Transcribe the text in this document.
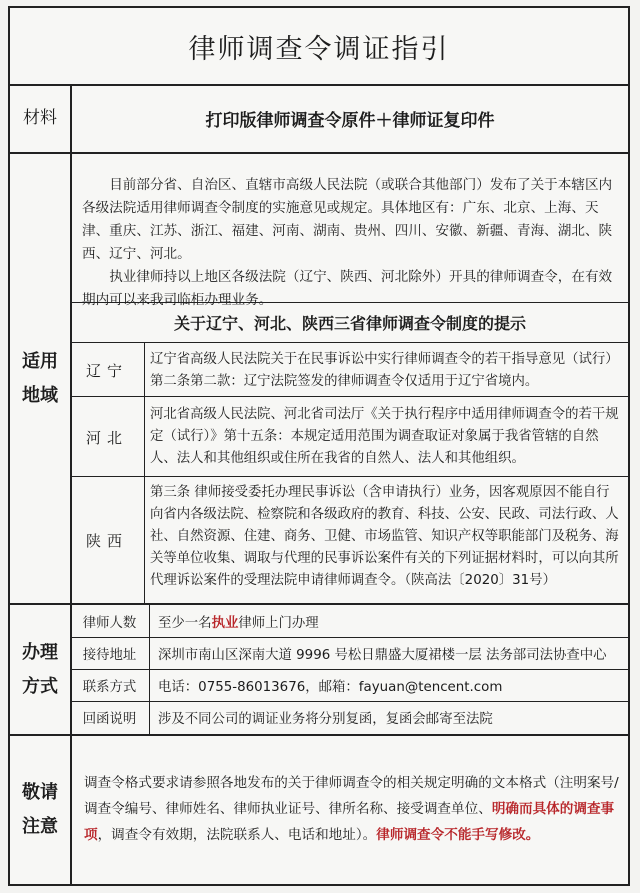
律师调查令调证指引
材料	打印版律师调查令原件＋律师证复印件
适用
地域

目前部分省、自治区、直辖市高级人民法院（或联合其他部门）发布了关于本辖区内各级法院适用律师调查令制度的实施意见或规定。具体地区有：广东、北京、上海、天津、重庆、江苏、浙江、福建、河南、湖南、贵州、四川、安徽、新疆、青海、湖北、陕西、辽宁、河北。

执业律师持以上地区各级法院（辽宁、陕西、河北除外）开具的律师调查令，在有效期内可以来我司临柜办理业务。

关于辽宁、河北、陕西三省律师调查令制度的提示
辽宁
辽宁省高级人民法院关于在民事诉讼中实行律师调查令的若干指导意见（试行）第二条第二款：辽宁法院签发的律师调查令仅适用于辽宁省境内。
河北
河北省高级人民法院、河北省司法厅《关于执行程序中适用律师调查令的若干规定（试行）》第十五条：本规定适用范围为调查取证对象属于我省管辖的自然人、法人和其他组织或住所在我省的自然人、法人和其他组织。
陕西
第三条 律师接受委托办理民事诉讼（含申请执行）业务，因客观原因不能自行向省内各级法院、检察院和各级政府的教育、科技、公安、民政、司法行政、人社、自然资源、住建、商务、卫健、市场监管、知识产权等职能部门及税务、海关等单位收集、调取与代理的民事诉讼案件有关的下列证据材料时，可以向其所代理诉讼案件的受理法院申请律师调查令。（陕高法〔2020〕31号）
办理
方式
律师人数	至少一名 执业 律师上门办理
接待地址	深圳市南山区深南大道 9996 号松日鼎盛大厦裙楼一层 法务部司法协查中心
联系方式	电话：0755-86013676，邮箱：fayuan@tencent.com
回函说明	涉及不同公司的调证业务将分别复函，复函会邮寄至法院
敬请
注意
调查令格式要求请参照各地发布的关于律师调查令的相关规定明确的文本格式（注明案号/调查令编号、律师姓名、律师执业证号、律所名称、接受调查单位、明确而具体的调查事项，调查令有效期，法院联系人、电话和地址）。律师调查令不能手写修改。
